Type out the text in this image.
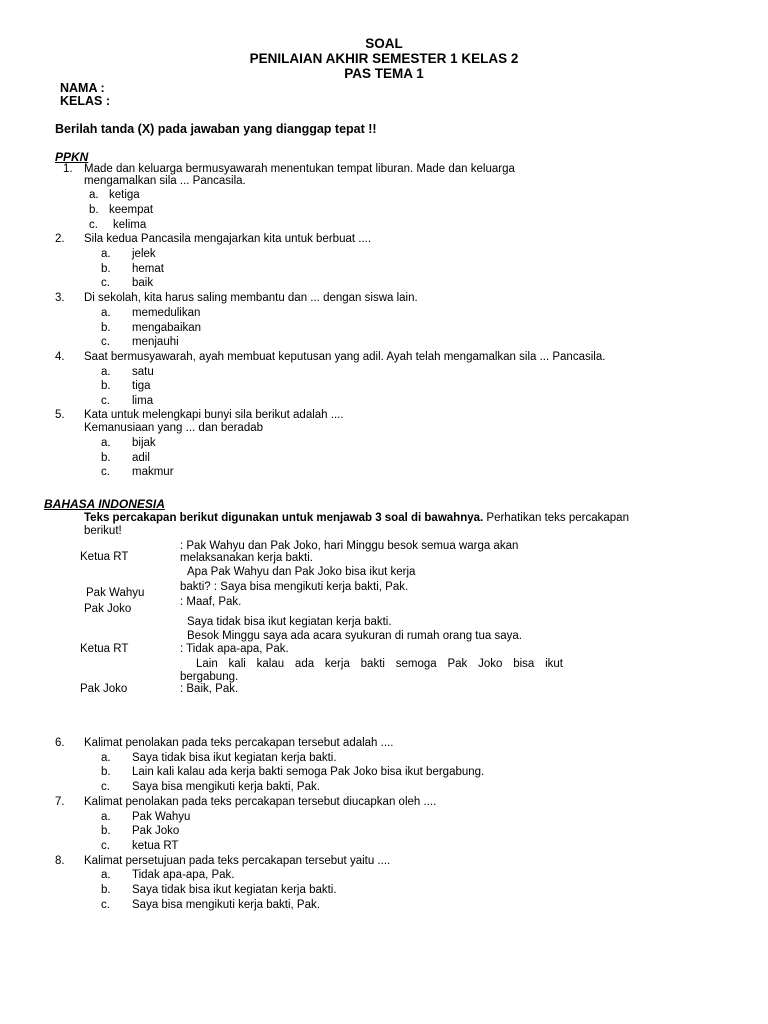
SOAL
PENILAIAN AKHIR SEMESTER 1 KELAS 2
PAS TEMA 1
NAMA :
KELAS :
Berilah tanda (X) pada jawaban yang dianggap tepat !!
PPKN
1. Made dan keluarga bermusyawarah menentukan tempat liburan. Made dan keluarga
mengamalkan sila ... Pancasila.
a. ketiga
b. keempat
c. kelima
2. Sila kedua Pancasila mengajarkan kita untuk berbuat ....
a. jelek
b. hemat
c. baik
3. Di sekolah, kita harus saling membantu dan ... dengan siswa lain.
a. memedulikan
b. mengabaikan
c. menjauhi
4. Saat bermusyawarah, ayah membuat keputusan yang adil. Ayah telah mengamalkan sila ... Pancasila.
a. satu
b. tiga
c. lima
5. Kata untuk melengkapi bunyi sila berikut adalah ....
Kemanusiaan yang ... dan beradab
a. bijak
b. adil
c. makmur
BAHASA INDONESIA
Teks percakapan berikut digunakan untuk menjawab 3 soal di bawahnya. Perhatikan teks percakapan
berikut!
Ketua RT
Pak Wahyu
Pak Joko
Ketua RT
Pak Joko
: Pak Wahyu dan Pak Joko, hari Minggu besok semua warga akan
melaksanakan kerja bakti.
Apa Pak Wahyu dan Pak Joko bisa ikut kerja
bakti? : Saya bisa mengikuti kerja bakti, Pak.
: Maaf, Pak.
Saya tidak bisa ikut kegiatan kerja bakti.
Besok Minggu saya ada acara syukuran di rumah orang tua saya.
: Tidak apa-apa, Pak.
Lain kali kalau ada kerja bakti semoga Pak Joko bisa ikut
bergabung.
: Baik, Pak.
6. Kalimat penolakan pada teks percakapan tersebut adalah ....
a. Saya tidak bisa ikut kegiatan kerja bakti.
b. Lain kali kalau ada kerja bakti semoga Pak Joko bisa ikut bergabung.
c. Saya bisa mengikuti kerja bakti, Pak.
7. Kalimat penolakan pada teks percakapan tersebut diucapkan oleh ....
a. Pak Wahyu
b. Pak Joko
c. ketua RT
8. Kalimat persetujuan pada teks percakapan tersebut yaitu ....
a. Tidak apa-apa, Pak.
b. Saya tidak bisa ikut kegiatan kerja bakti.
c. Saya bisa mengikuti kerja bakti, Pak.
